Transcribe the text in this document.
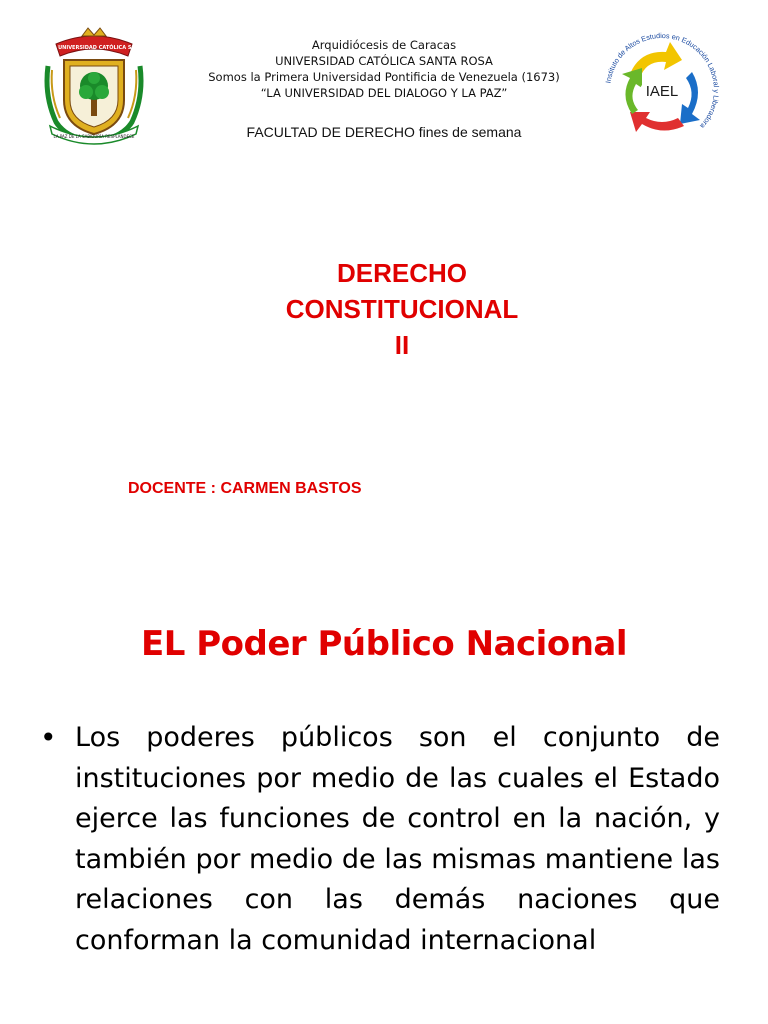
PONTIFICIA UNIVERSIDAD CATÓLICA SANTA ROSA
LA PAZ DE LA SABIDURÍA RESPLANDECE
Arquidiócesis de Caracas
UNIVERSIDAD CATÓLICA SANTA ROSA
Somos la Primera Universidad Pontificia de Venezuela (1673)
“LA UNIVERSIDAD DEL DIALOGO Y LA PAZ”
FACULTAD DE DERECHO fines de semana
IAEL
Instituto de Altos Estudios en Educación Laboral y Liberadora
DERECHO
CONSTITUCIONAL
II
DOCENTE : CARMEN BASTOS
EL Poder Público Nacional
• Los poderes públicos son el conjunto de instituciones por medio de las cuales el Estado ejerce las funciones de control en la nación, y también por medio de las mismas mantiene las relaciones con las demás naciones que conforman la comunidad internacional
